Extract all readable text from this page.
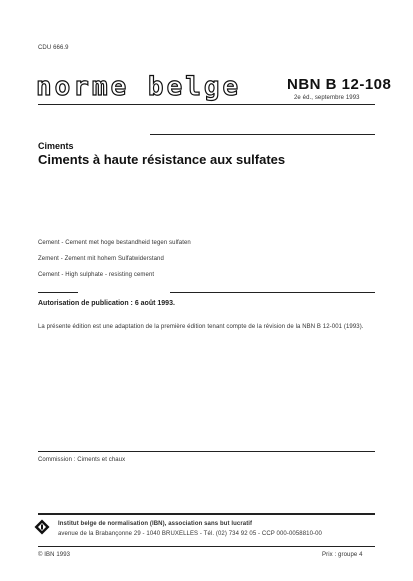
CDU 666.9
norme belge	NBN B 12-108
2e éd., septembre 1993
Ciments
Ciments à haute résistance aux sulfates
Cement - Cement met hoge bestandheid tegen sulfaten
Zement - Zement mit hohem Sulfatwiderstand
Cement - High sulphate - resisting cement
Autorisation de publication : 6 août 1993.
La présente édition est une adaptation de la première édition tenant compte de la révision de la NBN B 12-001 (1993).
Commission : Ciments et chaux
Institut belge de normalisation (IBN), association sans but lucratif
avenue de la Brabançonne 29 - 1040 BRUXELLES - Tél. (02) 734 92 05 - CCP 000-0058810-00
© IBN 1993	Prix : groupe 4
